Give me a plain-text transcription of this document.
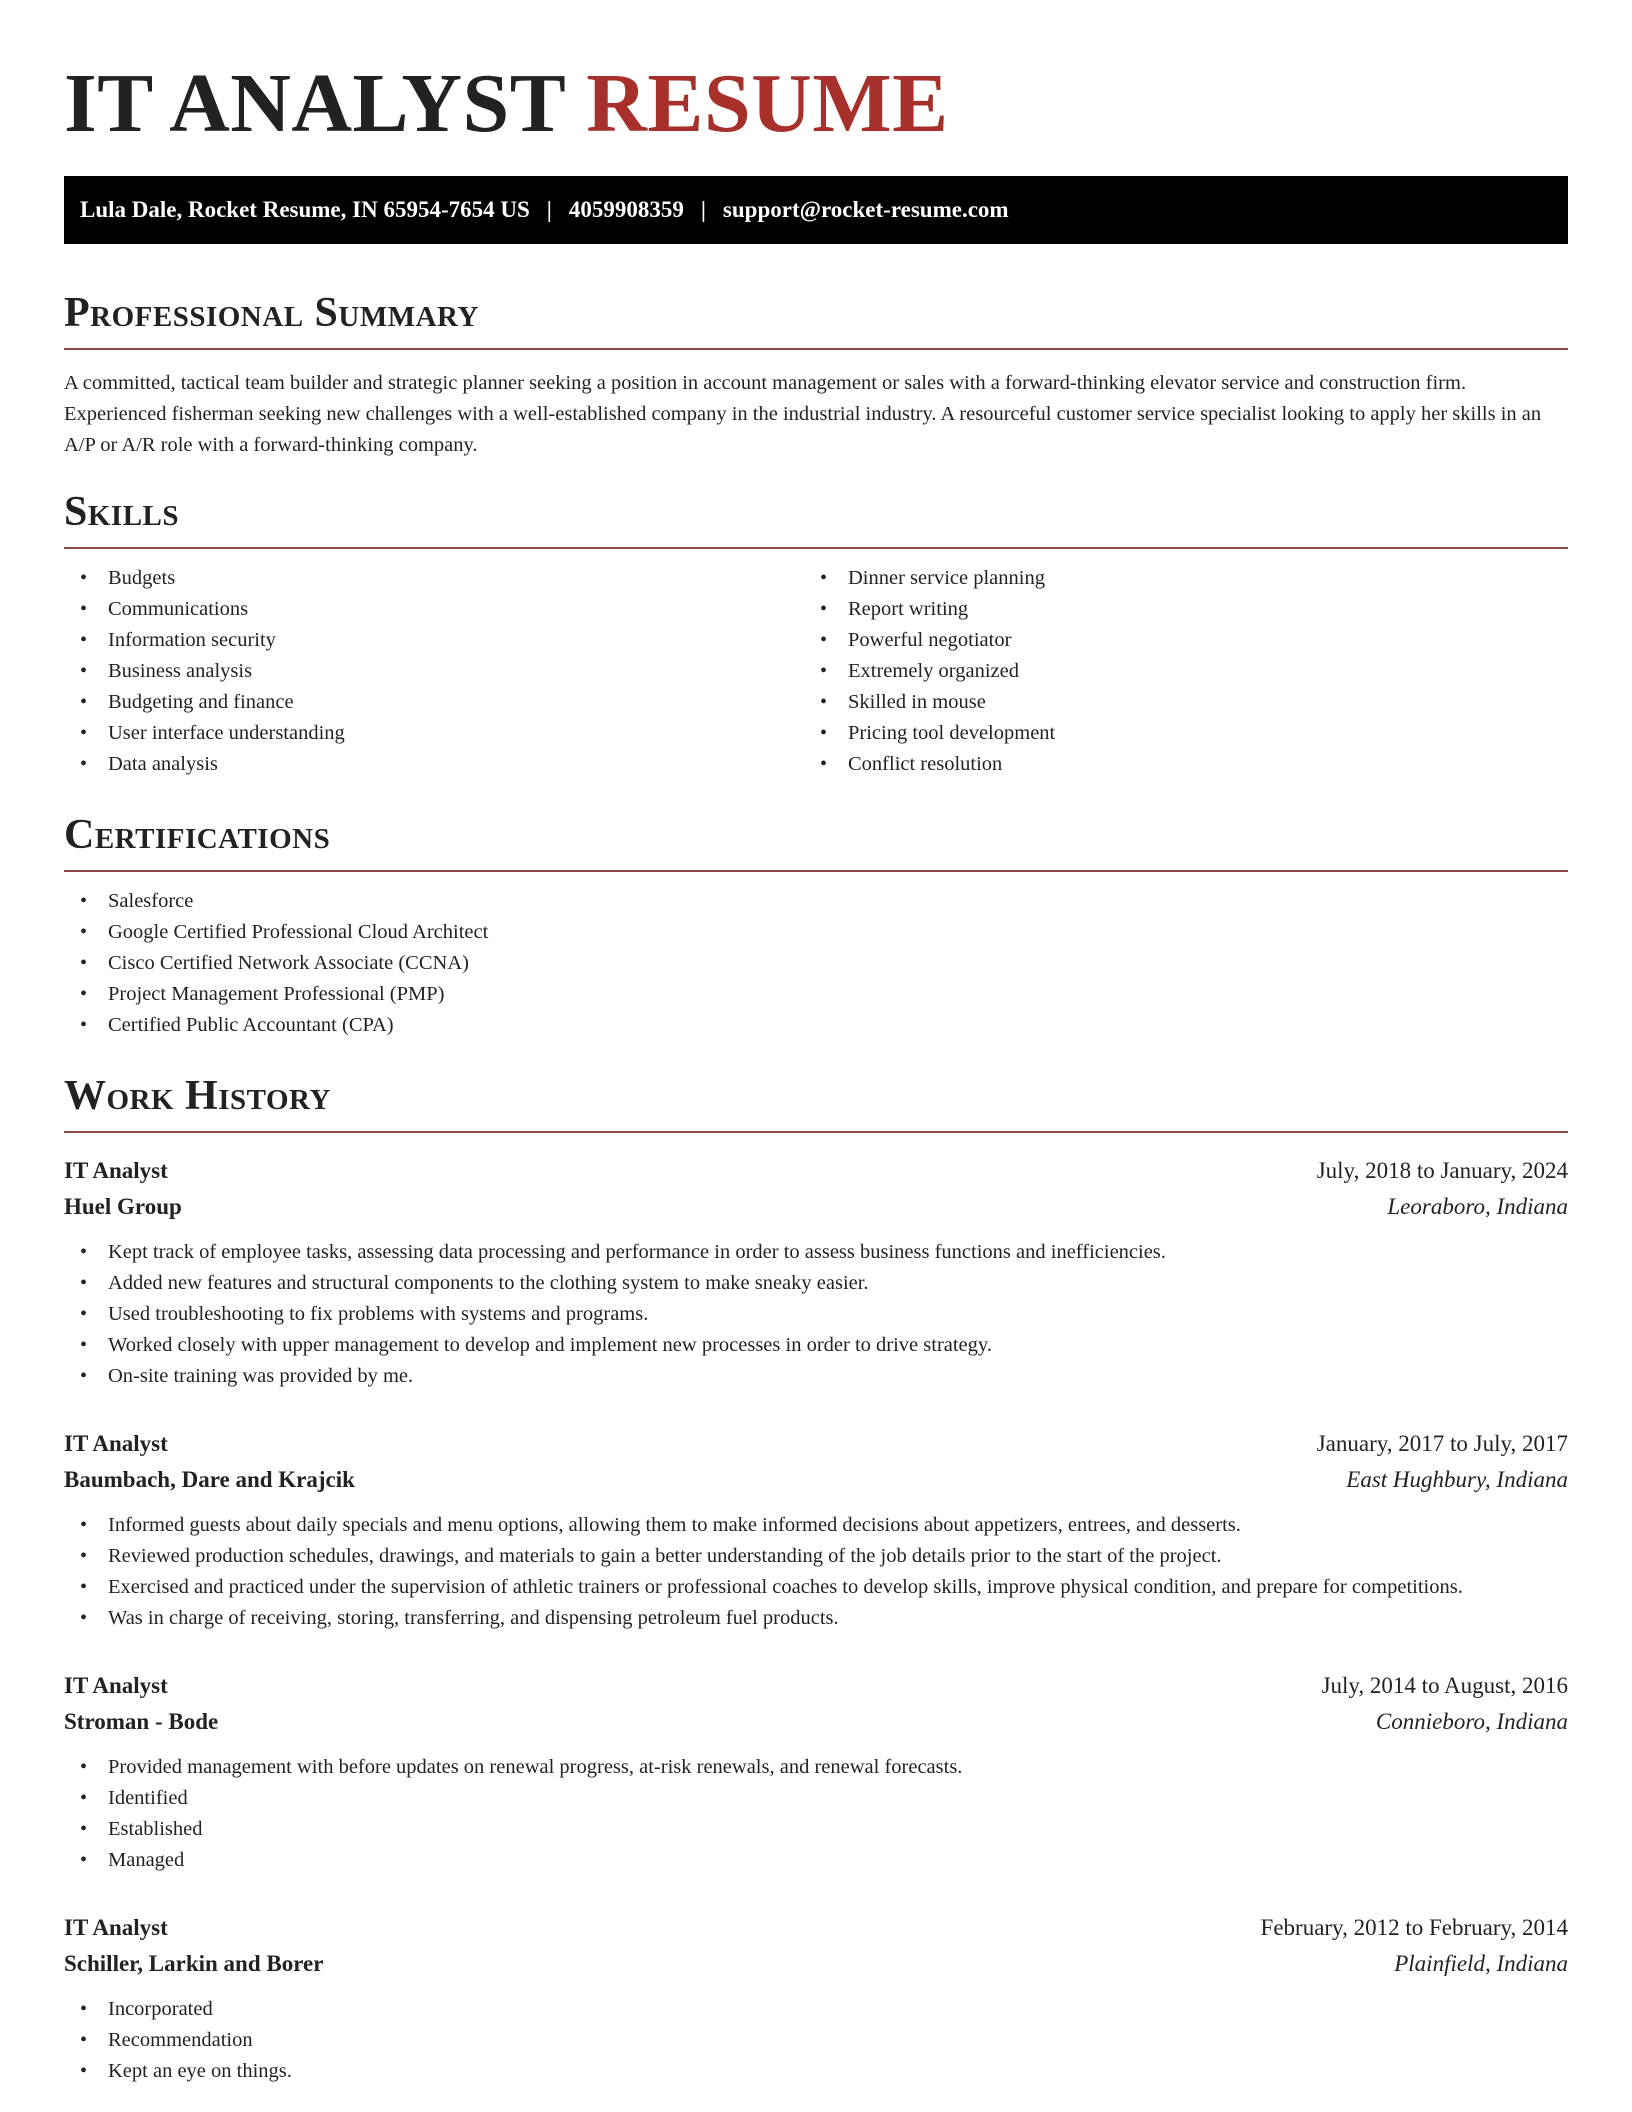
IT ANALYST RESUME
Lula Dale, Rocket Resume, IN 65954-7654 US | 4059908359 | support@rocket-resume.com
Professional Summary

A committed, tactical team builder and strategic planner seeking a position in account management or sales with a forward-thinking elevator service and construction firm. Experienced fisherman seeking new challenges with a well-established company in the industrial industry. A resourceful customer service specialist looking to apply her skills in an A/P or A/R role with a forward-thinking company.

Skills
• Budgets
• Communications
• Information security
• Business analysis
• Budgeting and finance
• User interface understanding
• Data analysis
• Dinner service planning
• Report writing
• Powerful negotiator
• Extremely organized
• Skilled in mouse
• Pricing tool development
• Conflict resolution
Certifications
• Salesforce
• Google Certified Professional Cloud Architect
• Cisco Certified Network Associate (CCNA)
• Project Management Professional (PMP)
• Certified Public Accountant (CPA)
Work History
IT Analyst	July, 2018 to January, 2024
Huel Group	Leoraboro, Indiana
• Kept track of employee tasks, assessing data processing and performance in order to assess business functions and inefficiencies.
• Added new features and structural components to the clothing system to make sneaky easier.
• Used troubleshooting to fix problems with systems and programs.
• Worked closely with upper management to develop and implement new processes in order to drive strategy.
• On-site training was provided by me.
IT Analyst	January, 2017 to July, 2017
Baumbach, Dare and Krajcik	East Hughbury, Indiana
• Informed guests about daily specials and menu options, allowing them to make informed decisions about appetizers, entrees, and desserts.
• Reviewed production schedules, drawings, and materials to gain a better understanding of the job details prior to the start of the project.
• Exercised and practiced under the supervision of athletic trainers or professional coaches to develop skills, improve physical condition, and prepare for competitions.
• Was in charge of receiving, storing, transferring, and dispensing petroleum fuel products.
IT Analyst	July, 2014 to August, 2016
Stroman - Bode	Connieboro, Indiana
• Provided management with before updates on renewal progress, at-risk renewals, and renewal forecasts.
• Identified
• Established
• Managed
IT Analyst	February, 2012 to February, 2014
Schiller, Larkin and Borer	Plainfield, Indiana
• Incorporated
• Recommendation
• Kept an eye on things.
